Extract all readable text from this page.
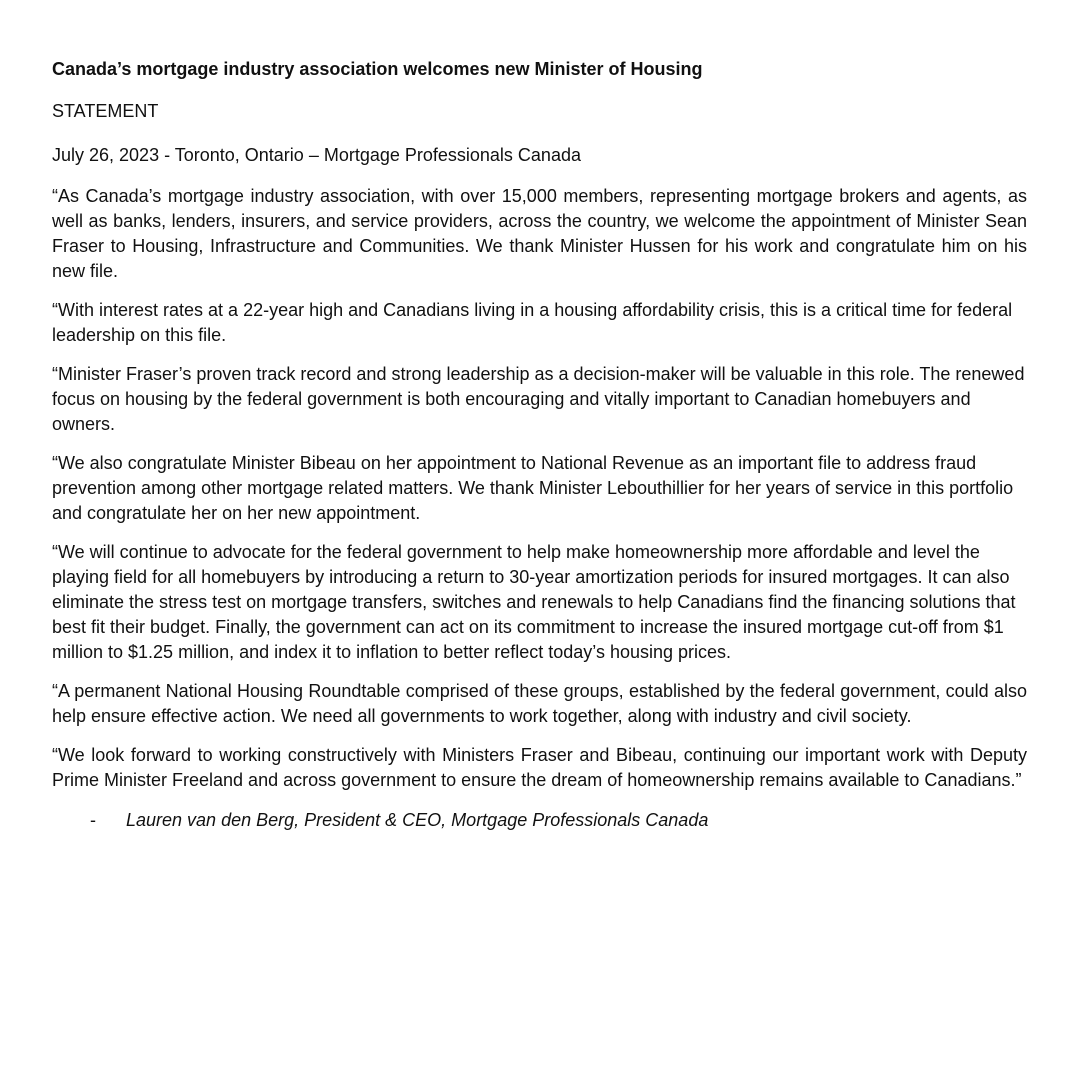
Canada’s mortgage industry association welcomes new Minister of Housing
STATEMENT
July 26, 2023 - Toronto, Ontario – Mortgage Professionals Canada

“As Canada’s mortgage industry association, with over 15,000 members, representing mortgage brokers and agents, as well as banks, lenders, insurers, and service providers, across the country, we welcome the appointment of Minister Sean Fraser to Housing, Infrastructure and Communities. We thank Minister Hussen for his work and congratulate him on his new file.

“With interest rates at a 22-year high and Canadians living in a housing affordability crisis, this is a critical time for federal leadership on this file.

“Minister Fraser’s proven track record and strong leadership as a decision-maker will be valuable in this role. The renewed focus on housing by the federal government is both encouraging and vitally important to Canadian homebuyers and owners.

“We also congratulate Minister Bibeau on her appointment to National Revenue as an important file to address fraud prevention among other mortgage related matters. We thank Minister Lebouthillier for her years of service in this portfolio and congratulate her on her new appointment.

“We will continue to advocate for the federal government to help make homeownership more affordable and level the playing field for all homebuyers by introducing a return to 30-year amortization periods for insured mortgages. It can also eliminate the stress test on mortgage transfers, switches and renewals to help Canadians find the financing solutions that best fit their budget. Finally, the government can act on its commitment to increase the insured mortgage cut-off from $1 million to $1.25 million, and index it to inflation to better reflect today’s housing prices.

“A permanent National Housing Roundtable comprised of these groups, established by the federal government, could also help ensure effective action. We need all governments to work together, along with industry and civil society.

“We look forward to working constructively with Ministers Fraser and Bibeau, continuing our important work with Deputy Prime Minister Freeland and across government to ensure the dream of homeownership remains available to Canadians.”

- Lauren van den Berg, President & CEO, Mortgage Professionals Canada
